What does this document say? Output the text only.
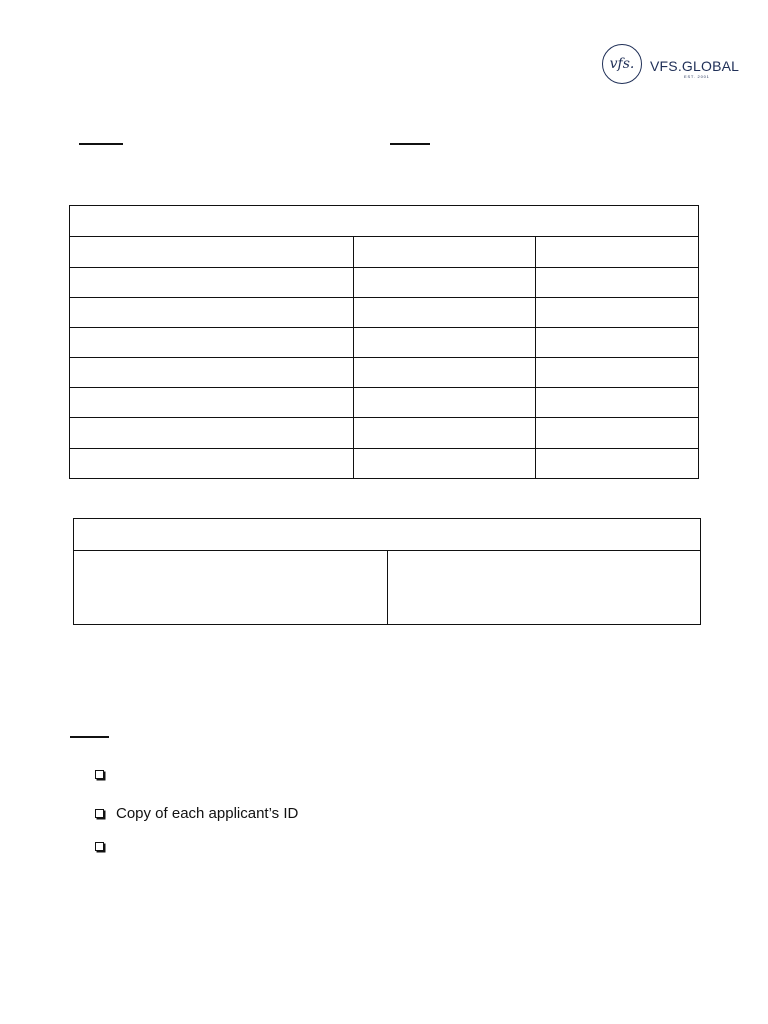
vfs.	VFS.GLOBAL
EST. 2001
Copy of each applicant’s ID
